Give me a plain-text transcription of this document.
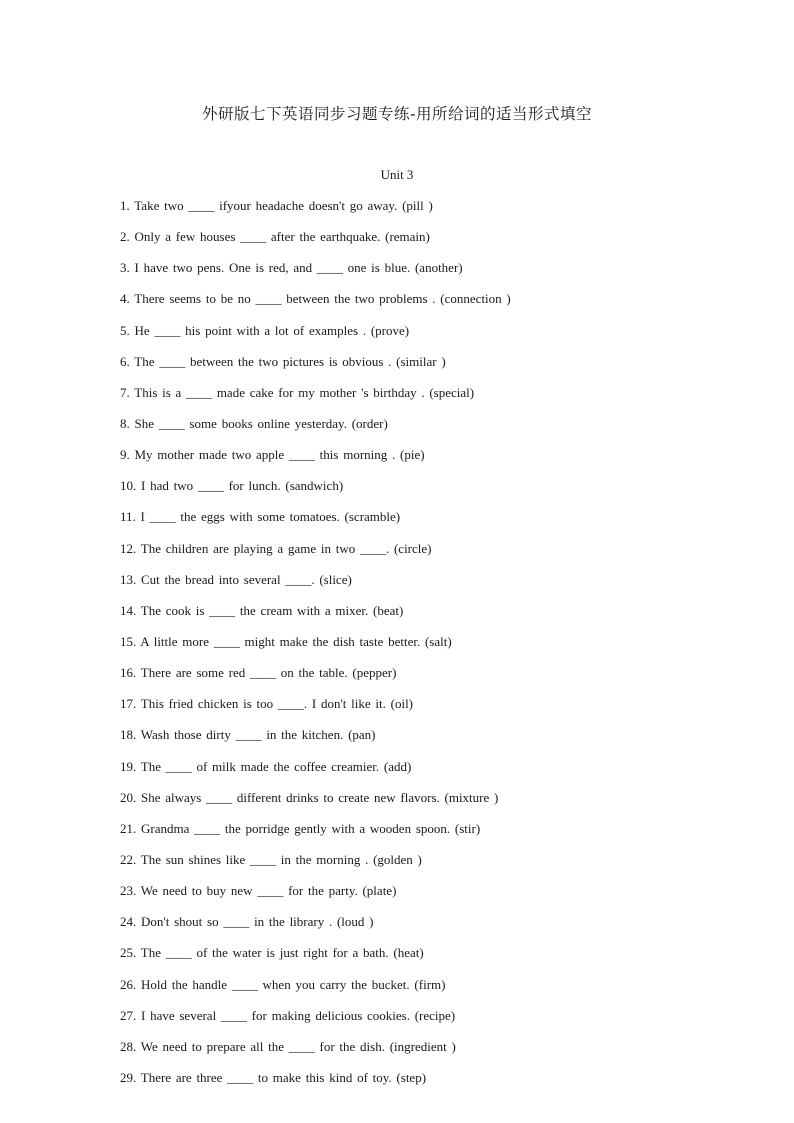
外研版七下英语同步习题专练-用所给词的适当形式填空
Unit 3
1. Take two ____ ifyour headache doesn't go away. (pill )
2. Only a few houses ____ after the earthquake. (remain)
3. I have two pens. One is red, and ____ one is blue. (another)
4. There seems to be no ____ between the two problems . (connection )
5. He ____ his point with a lot of examples . (prove)
6. The ____ between the two pictures is obvious . (similar )
7. This is a ____ made cake for my mother 's birthday . (special)
8. She ____ some books online yesterday. (order)
9. My mother made two apple ____ this morning . (pie)
10. I had two ____ for lunch. (sandwich)
11. I ____ the eggs with some tomatoes. (scramble)
12. The children are playing a game in two ____. (circle)
13. Cut the bread into several ____. (slice)
14. The cook is ____ the cream with a mixer. (beat)
15. A little more ____ might make the dish taste better. (salt)
16. There are some red ____ on the table. (pepper)
17. This fried chicken is too ____. I don't like it. (oil)
18. Wash those dirty ____ in the kitchen. (pan)
19. The ____ of milk made the coffee creamier. (add)
20. She always ____ different drinks to create new flavors. (mixture )
21. Grandma ____ the porridge gently with a wooden spoon. (stir)
22. The sun shines like ____ in the morning . (golden )
23. We need to buy new ____ for the party. (plate)
24. Don't shout so ____ in the library . (loud )
25. The ____ of the water is just right for a bath. (heat)
26. Hold the handle ____ when you carry the bucket. (firm)
27. I have several ____ for making delicious cookies. (recipe)
28. We need to prepare all the ____ for the dish. (ingredient )
29. There are three ____ to make this kind of toy. (step)
